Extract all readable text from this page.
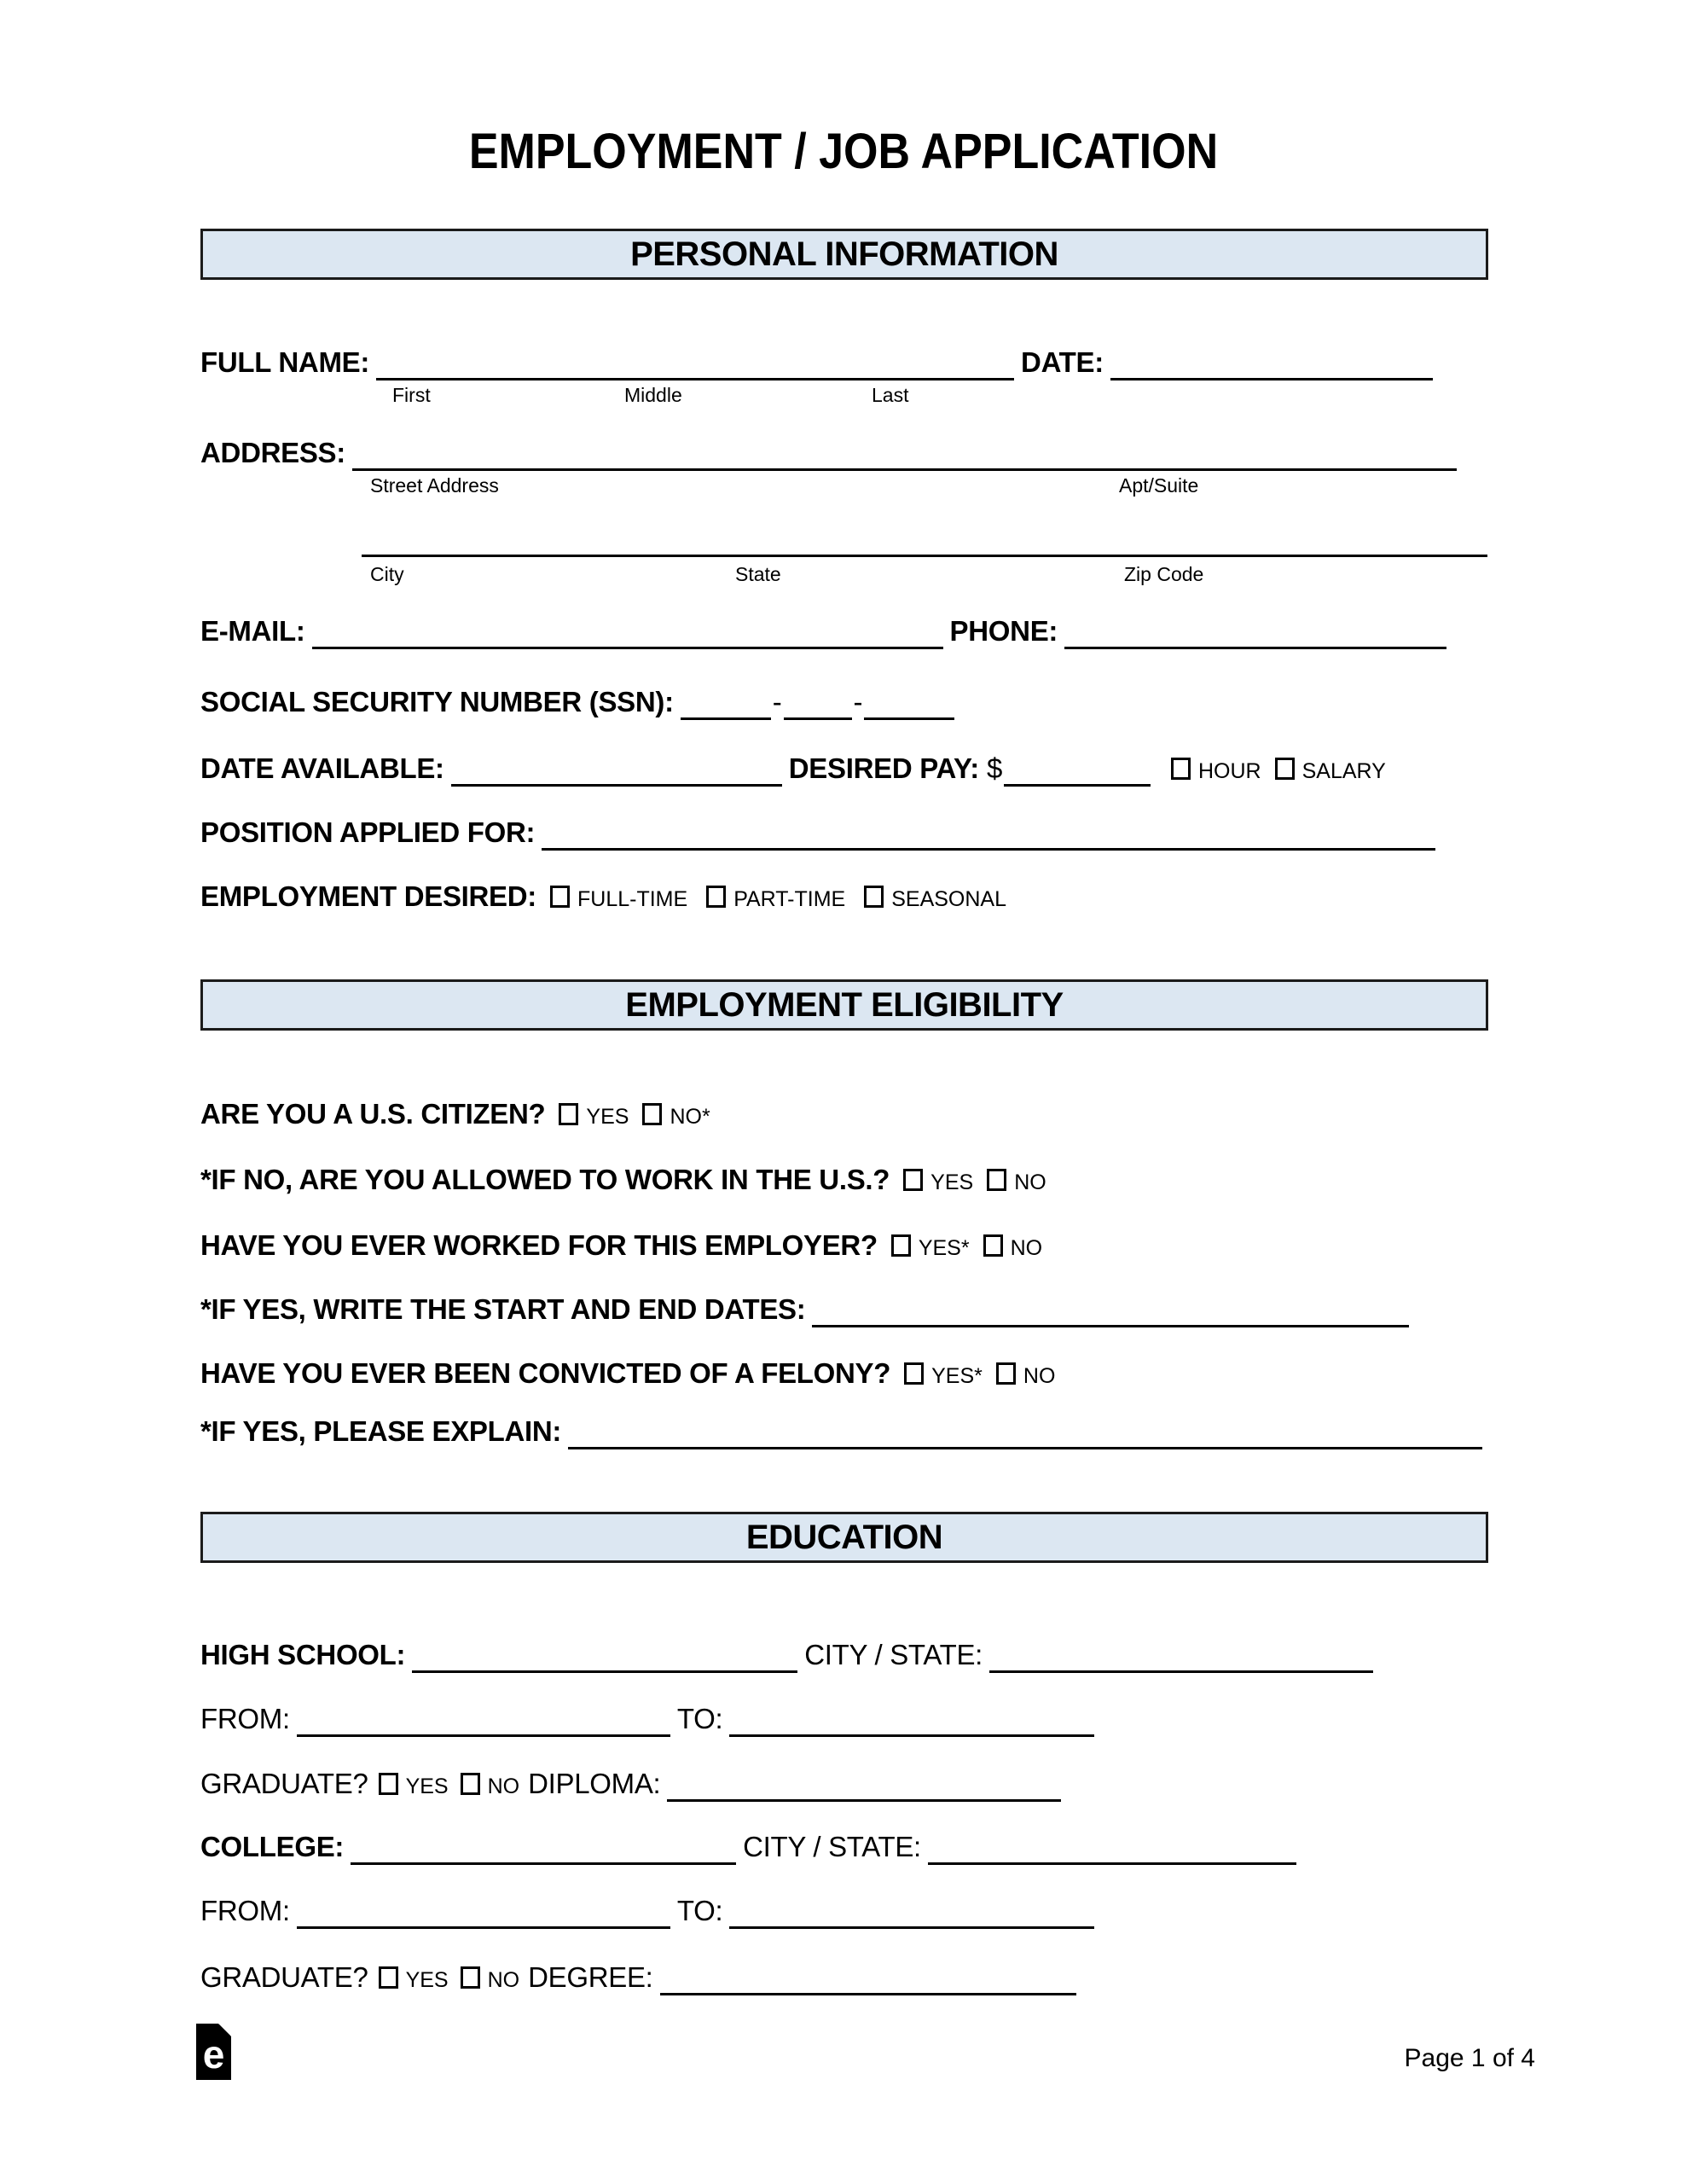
EMPLOYMENT / JOB APPLICATION
PERSONAL INFORMATION
FULL NAME:	DATE:
First	Middle	Last
ADDRESS:
Street Address	Apt/Suite
City	State	Zip Code
E-MAIL:	PHONE:
SOCIAL SECURITY NUMBER (SSN):	-	-
DATE AVAILABLE:	DESIRED PAY: $	HOUR SALARY
POSITION APPLIED FOR:
EMPLOYMENT DESIRED: FULL-TIME PART-TIME SEASONAL
EMPLOYMENT ELIGIBILITY
ARE YOU A U.S. CITIZEN? YES NO*
*IF NO, ARE YOU ALLOWED TO WORK IN THE U.S.? YES NO
HAVE YOU EVER WORKED FOR THIS EMPLOYER? YES* NO
*IF YES, WRITE THE START AND END DATES:
HAVE YOU EVER BEEN CONVICTED OF A FELONY? YES* NO
*IF YES, PLEASE EXPLAIN:
EDUCATION
HIGH SCHOOL:	CITY / STATE:
FROM:	TO:
GRADUATE? YES NO DIPLOMA:
COLLEGE:	CITY / STATE:
FROM:	TO:
GRADUATE? YES NO DEGREE:
e	Page 1 of 4
